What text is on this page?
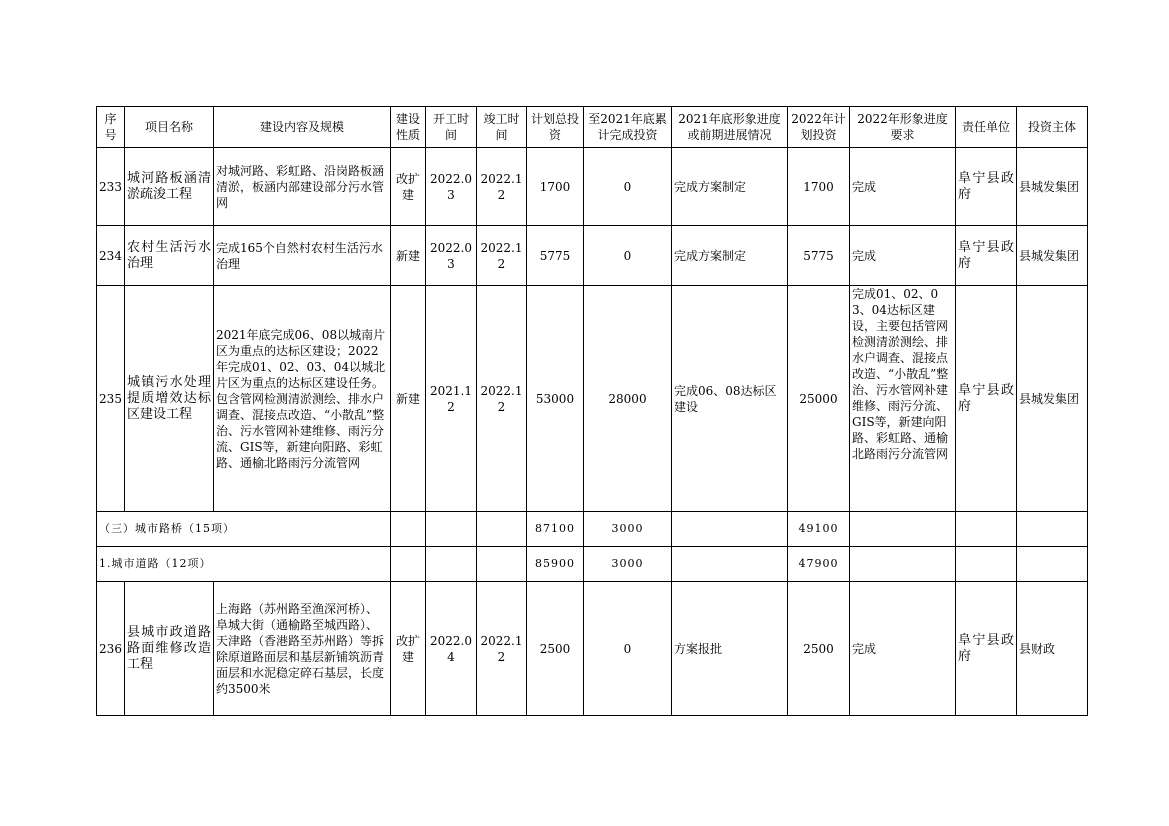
序号	项目名称	建设内容及规模	建设性质	开工时间	竣工时间	计划总投资	至2021年底累计完成投资	2021年底形象进度或前期进展情况	2022年计划投资	2022年形象进度要求	责任单位	投资主体
233	城河路板涵清淤疏浚工程	对城河路、彩虹路、沿岗路板涵清淤，板涵内部建设部分污水管网	改扩建	2022.03	2022.12	1700	0	完成方案制定	1700	完成	阜宁县政府	县城发集团
234	农村生活污水治理	完成165个自然村农村生活污水治理	新建	2022.03	2022.12	5775	0	完成方案制定	5775	完成	阜宁县政府	县城发集团
235	城镇污水处理提质增效达标区建设工程	2021年底完成06、08以城南片区为重点的达标区建设；2022年完成01、02、03、04以城北片区为重点的达标区建设任务。包含管网检测清淤测绘、排水户调查、混接点改造、“小散乱”整治、污水管网补建维修、雨污分流、GIS等，新建向阳路、彩虹路、通榆北路雨污分流管网	新建	2021.12	2022.12	53000	28000	完成06、08达标区建设	25000	完成01、02、03、04达标区建设，主要包括管网检测清淤测绘、排水户调查、混接点改造、“小散乱”整治、污水管网补建维修、雨污分流、GIS等，新建向阳路、彩虹路、通榆北路雨污分流管网	阜宁县政府	县城发集团
（三）城市路桥（15项）						87100	3000		49100			
1.城市道路（12项）						85900	3000		47900			
236	县城市政道路路面维修改造工程	上海路（苏州路至渔深河桥）、阜城大街（通榆路至城西路）、天津路（香港路至苏州路）等拆除原道路面层和基层新铺筑沥青面层和水泥稳定碎石基层，长度约3500米	改扩建	2022.04	2022.12	2500	0	方案报批	2500	完成	阜宁县政府	县财政
